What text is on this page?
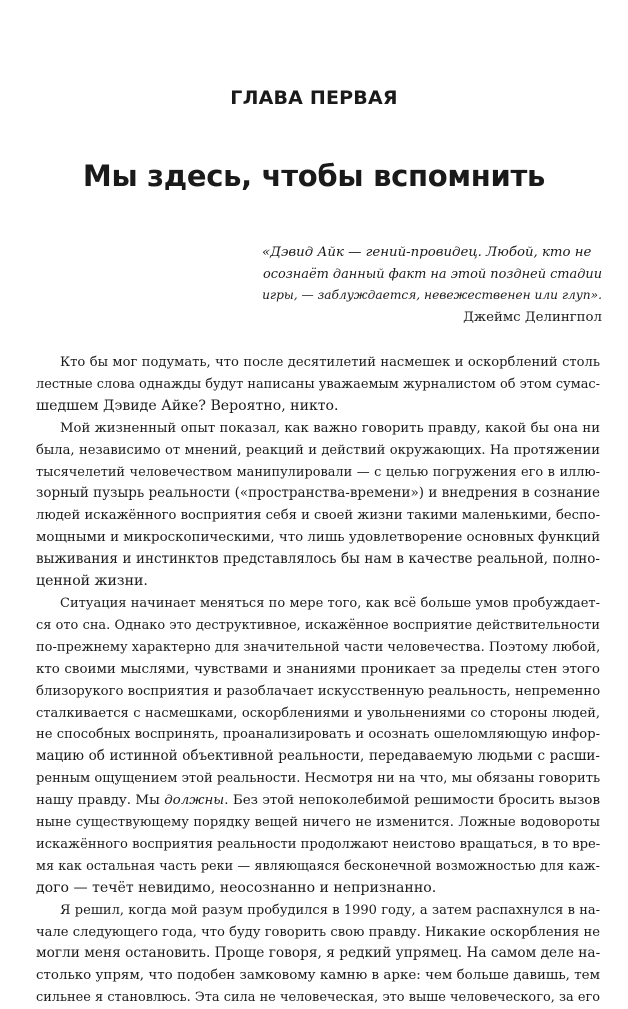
ГЛАВА ПЕРВАЯ
Мы здесь, чтобы вспомнить
«Дэвид Айк — гений-провидец. Любой, кто не
осознаёт данный факт на этой поздней стадии
игры, — заблуждается, невежественен или глуп».
Джеймс Делингпол
Кто бы мог подумать, что после десятилетий насмешек и оскорблений столь
лестные слова однажды будут написаны уважаемым журналистом об этом сумас-
шедшем Дэвиде Айке? Вероятно, никто.
Мой жизненный опыт показал, как важно говорить правду, какой бы она ни
была, независимо от мнений, реакций и действий окружающих. На протяжении
тысячелетий человечеством манипулировали — с целью погружения его в иллю-
зорный пузырь реальности («пространства-времени») и внедрения в сознание
людей искажённого восприятия себя и своей жизни такими маленькими, беспо-
мощными и микроскопическими, что лишь удовлетворение основных функций
выживания и инстинктов представлялось бы нам в качестве реальной, полно-
ценной жизни.
Ситуация начинает меняться по мере того, как всё больше умов пробуждает-
ся ото сна. Однако это деструктивное, искажённое восприятие действительности
по-прежнему характерно для значительной части человечества. Поэтому любой,
кто своими мыслями, чувствами и знаниями проникает за пределы стен этого
близорукого восприятия и разоблачает искусственную реальность, непременно
сталкивается с насмешками, оскорблениями и увольнениями со стороны людей,
не способных воспринять, проанализировать и осознать ошеломляющую инфор-
мацию об истинной объективной реальности, передаваемую людьми с расши-
ренным ощущением этой реальности. Несмотря ни на что, мы обязаны говорить
нашу правду. Мы должны. Без этой непоколебимой решимости бросить вызов
ныне существующему порядку вещей ничего не изменится. Ложные водовороты
искажённого восприятия реальности продолжают неистово вращаться, в то вре-
мя как остальная часть реки — являющаяся бесконечной возможностью для каж-
дого — течёт невидимо, неосознанно и непризнанно.
Я решил, когда мой разум пробудился в 1990 году, а затем распахнулся в на-
чале следующего года, что буду говорить свою правду. Никакие оскорбления не
могли меня остановить. Проще говоря, я редкий упрямец. На самом деле на-
столько упрям, что подобен замковому камню в арке: чем больше давишь, тем
сильнее я становлюсь. Эта сила не человеческая, это выше человеческого, за его
